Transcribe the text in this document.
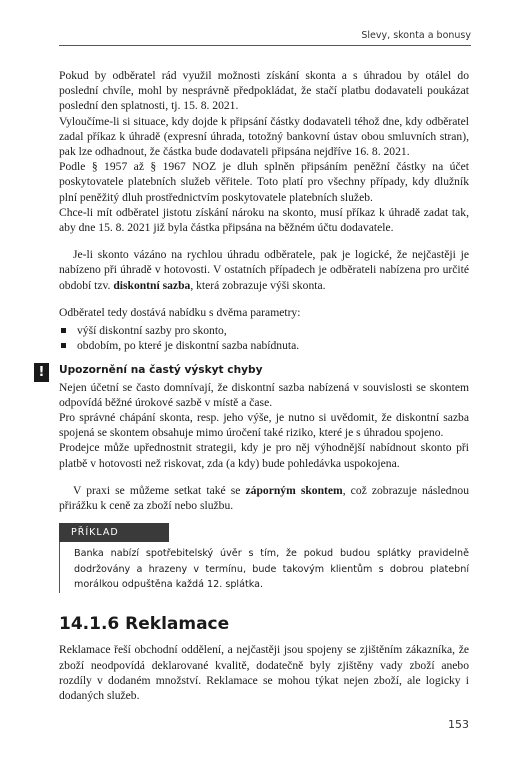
Slevy, skonta a bonusy

Pokud by odběratel rád využil možnosti získání skonta a s úhradou by otálel do poslední chvíle, mohl by nesprávně předpokládat, že stačí platbu dodavateli poukázat poslední den splatnosti, tj. 15. 8. 2021.

Vyloučíme-li si situace, kdy dojde k připsání částky dodavateli téhož dne, kdy odběratel zadal příkaz k úhradě (expresní úhrada, totožný bankovní ústav obou smluvních stran), pak lze odhadnout, že částka bude dodavateli připsána nejdříve 16. 8. 2021.

Podle § 1957 až § 1967 NOZ je dluh splněn připsáním peněžní částky na účet poskytovatele platebních služeb věřitele. Toto platí pro všechny případy, kdy dlužník plní peněžitý dluh prostřednictvím poskytovatele platebních služeb.

Chce-li mít odběratel jistotu získání nároku na skonto, musí příkaz k úhradě zadat tak, aby dne 15. 8. 2021 již byla částka připsána na běžném účtu dodavatele.

Je-li skonto vázáno na rychlou úhradu odběratele, pak je logické, že nejčastěji je nabízeno při úhradě v hotovosti. V ostatních případech je odběrateli nabízena pro určité období tzv. diskontní sazba, která zobrazuje výši skonta.

Odběratel tedy dostává nabídku s dvěma parametry:

výší diskontní sazby pro skonto,
obdobím, po které je diskontní sazba nabídnuta.
!	Upozornění na častý výskyt chyby

Nejen účetní se často domnívají, že diskontní sazba nabízená v souvislosti se skontem odpovídá běžné úrokové sazbě v místě a čase.

Pro správné chápání skonta, resp. jeho výše, je nutno si uvědomit, že diskontní sazba spojená se skontem obsahuje mimo úročení také riziko, které je s úhradou spojeno.

Prodejce může upřednostnit strategii, kdy je pro něj výhodnější nabídnout skonto při platbě v hotovosti než riskovat, zda (a kdy) bude pohledávka uspokojena.

V praxi se můžeme setkat také se záporným skontem, což zobrazuje následnou přirážku k ceně za zboží nebo službu.

PŘÍKLAD
Banka nabízí spotřebitelský úvěr s tím, že pokud budou splátky pravidelně dodržovány a hrazeny v termínu, bude takovým klientům s dobrou platební morálkou odpuštěna každá 12. splátka.
14.1.6 Reklamace

Reklamace řeší obchodní oddělení, a nejčastěji jsou spojeny se zjištěním zákazníka, že zboží neodpovídá deklarované kvalitě, dodatečně byly zjištěny vady zboží anebo rozdíly v dodaném množství. Reklamace se mohou týkat nejen zboží, ale logicky i dodaných služeb.

153
